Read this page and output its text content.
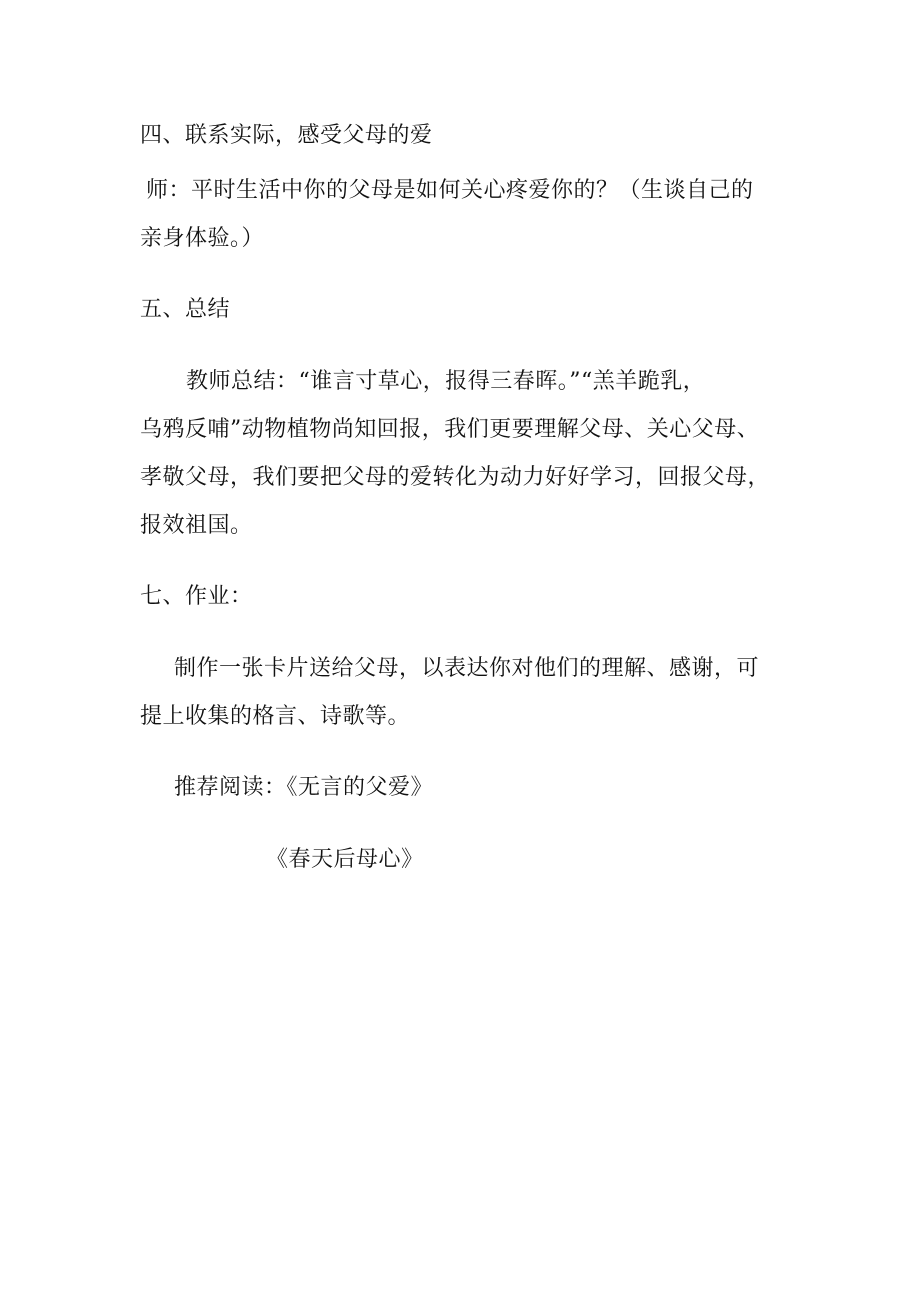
四、联系实际，感受父母的爱
师：平时生活中你的父母是如何关心疼爱你的？（生谈自己的
亲身体验。）
五、总结
教师总结：“谁言寸草心，报得三春晖。”“羔羊跪乳，
乌鸦反哺”动物植物尚知回报，我们更要理解父母、关心父母、
孝敬父母，我们要把父母的爱转化为动力好好学习，回报父母，
报效祖国。
七、作业：
制作一张卡片送给父母，以表达你对他们的理解、感谢，可
提上收集的格言、诗歌等。
推荐阅读：《无言的父爱》
《春天后母心》
